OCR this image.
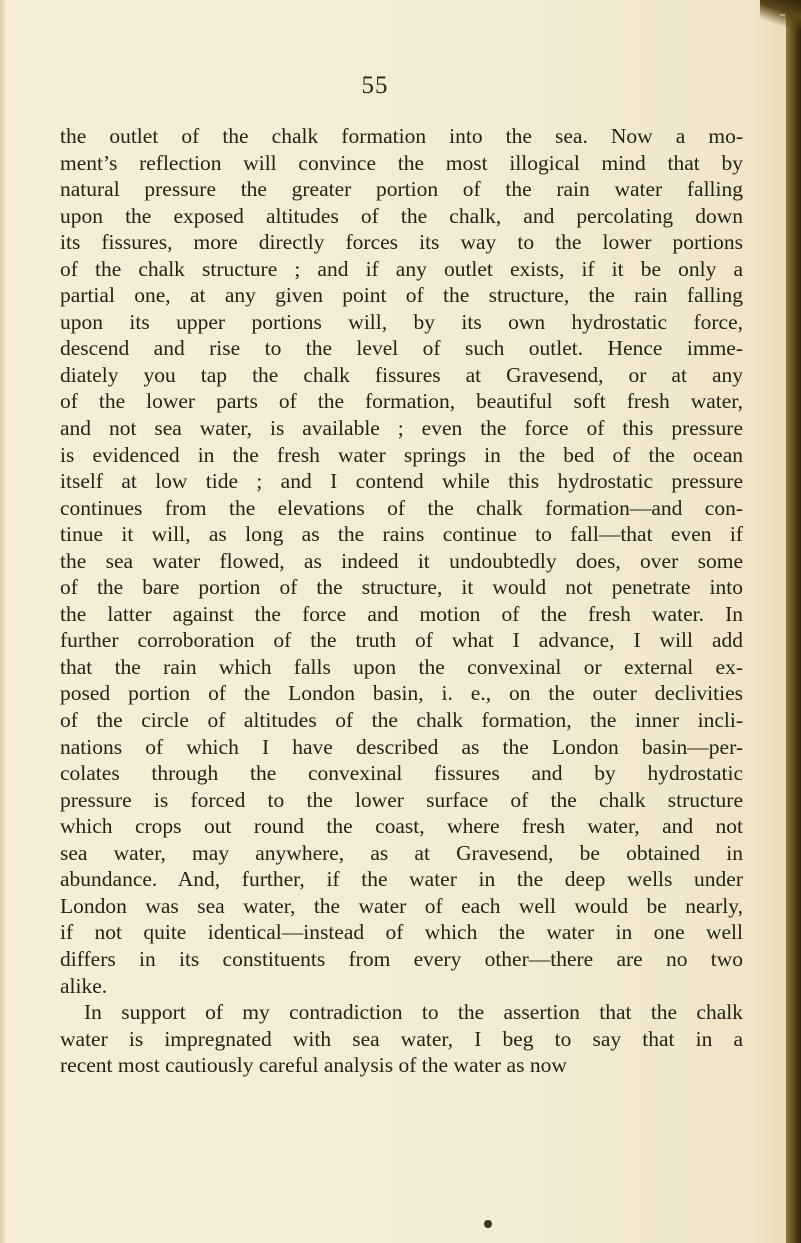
55

the outlet of the chalk formation into the sea. Now a mo-
ment’s reflection will convince the most illogical mind that by
natural pressure the greater portion of the rain water falling
upon the exposed altitudes of the chalk, and percolating down
its fissures, more directly forces its way to the lower portions
of the chalk structure ; and if any outlet exists, if it be only a
partial one, at any given point of the structure, the rain falling
upon its upper portions will, by its own hydrostatic force,
descend and rise to the level of such outlet. Hence imme-
diately you tap the chalk fissures at Gravesend, or at any
of the lower parts of the formation, beautiful soft fresh water,
and not sea water, is available ; even the force of this pressure
is evidenced in the fresh water springs in the bed of the ocean
itself at low tide ; and I contend while this hydrostatic pressure
continues from the elevations of the chalk formation—and con-
tinue it will, as long as the rains continue to fall—that even if
the sea water flowed, as indeed it undoubtedly does, over some
of the bare portion of the structure, it would not penetrate into
the latter against the force and motion of the fresh water. In
further corroboration of the truth of what I advance, I will add
that the rain which falls upon the convexinal or external ex-
posed portion of the London basin, i. e., on the outer declivities
of the circle of altitudes of the chalk formation, the inner incli-
nations of which I have described as the London basin—per-
colates through the convexinal fissures and by hydrostatic
pressure is forced to the lower surface of the chalk structure
which crops out round the coast, where fresh water, and not
sea water, may anywhere, as at Gravesend, be obtained in
abundance. And, further, if the water in the deep wells under
London was sea water, the water of each well would be nearly,
if not quite identical—instead of which the water in one well
differs in its constituents from every other—there are no two
alike.

In support of my contradiction to the assertion that the chalk
water is impregnated with sea water, I beg to say that in a
recent most cautiously careful analysis of the water as now
